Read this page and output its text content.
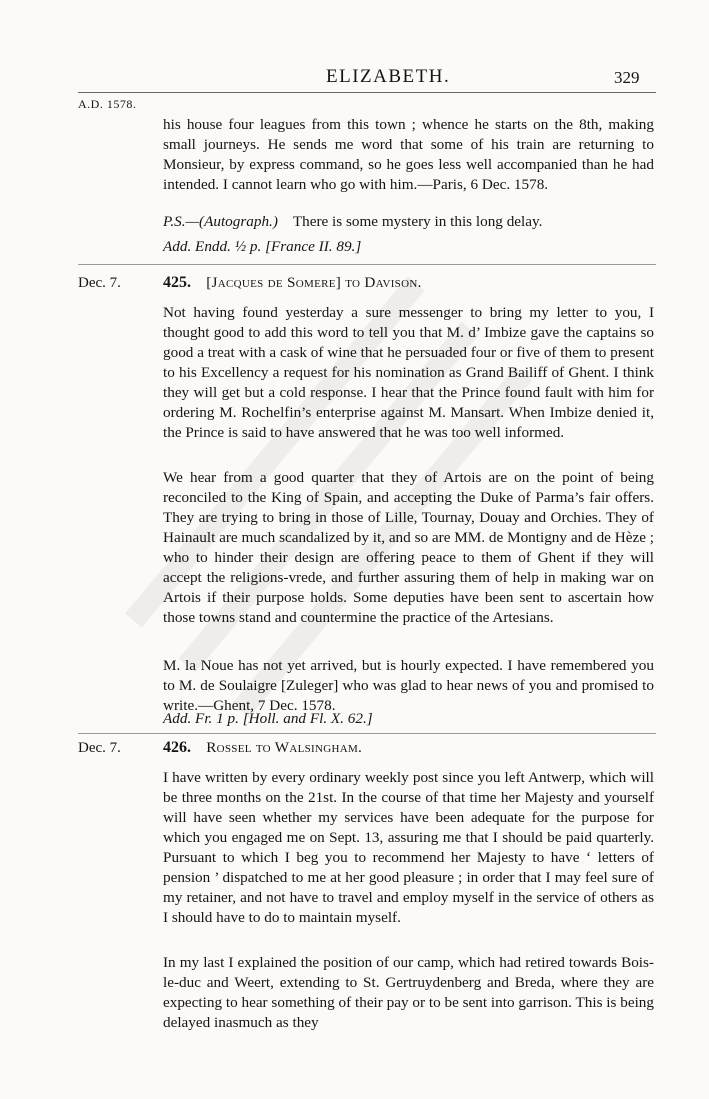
ELIZABETH.	329
A.D. 1578.
his house four leagues from this town ; whence he starts on the 8th, making small journeys. He sends me word that some of his train are returning to Monsieur, by express command, so he goes less well accompanied than he had intended. I cannot learn who go with him.—Paris, 6 Dec. 1578.
P.S.—(Autograph.) There is some mystery in this long delay.
Add. Endd. ½ p. [France II. 89.]
Dec. 7.	425. [Jacques de Somere] to Davison.
Not having found yesterday a sure messenger to bring my letter to you, I thought good to add this word to tell you that M. d’ Imbize gave the captains so good a treat with a cask of wine that he persuaded four or five of them to present to his Excellency a request for his nomination as Grand Bailiff of Ghent. I think they will get but a cold response. I hear that the Prince found fault with him for ordering M. Rochelfin’s enterprise against M. Mansart. When Imbize denied it, the Prince is said to have answered that he was too well informed.
We hear from a good quarter that they of Artois are on the point of being reconciled to the King of Spain, and accepting the Duke of Parma’s fair offers. They are trying to bring in those of Lille, Tournay, Douay and Orchies. They of Hainault are much scandalized by it, and so are MM. de Montigny and de Hèze ; who to hinder their design are offering peace to them of Ghent if they will accept the religions-vrede, and further assuring them of help in making war on Artois if their purpose holds. Some deputies have been sent to ascertain how those towns stand and countermine the practice of the Artesians.
M. la Noue has not yet arrived, but is hourly expected. I have remembered you to M. de Soulaigre [Zuleger] who was glad to hear news of you and promised to write.—Ghent, 7 Dec. 1578.
Add. Fr. 1 p. [Holl. and Fl. X. 62.]
Dec. 7.	426. Rossel to Walsingham.
I have written by every ordinary weekly post since you left Antwerp, which will be three months on the 21st. In the course of that time her Majesty and yourself will have seen whether my services have been adequate for the purpose for which you engaged me on Sept. 13, assuring me that I should be paid quarterly. Pursuant to which I beg you to recommend her Majesty to have ‘ letters of pension ’ dispatched to me at her good pleasure ; in order that I may feel sure of my retainer, and not have to travel and employ myself in the service of others as I should have to do to maintain myself.
In my last I explained the position of our camp, which had retired towards Bois-le-duc and Weert, extending to St. Gertruydenberg and Breda, where they are expecting to hear something of their pay or to be sent into garrison. This is being delayed inasmuch as they
